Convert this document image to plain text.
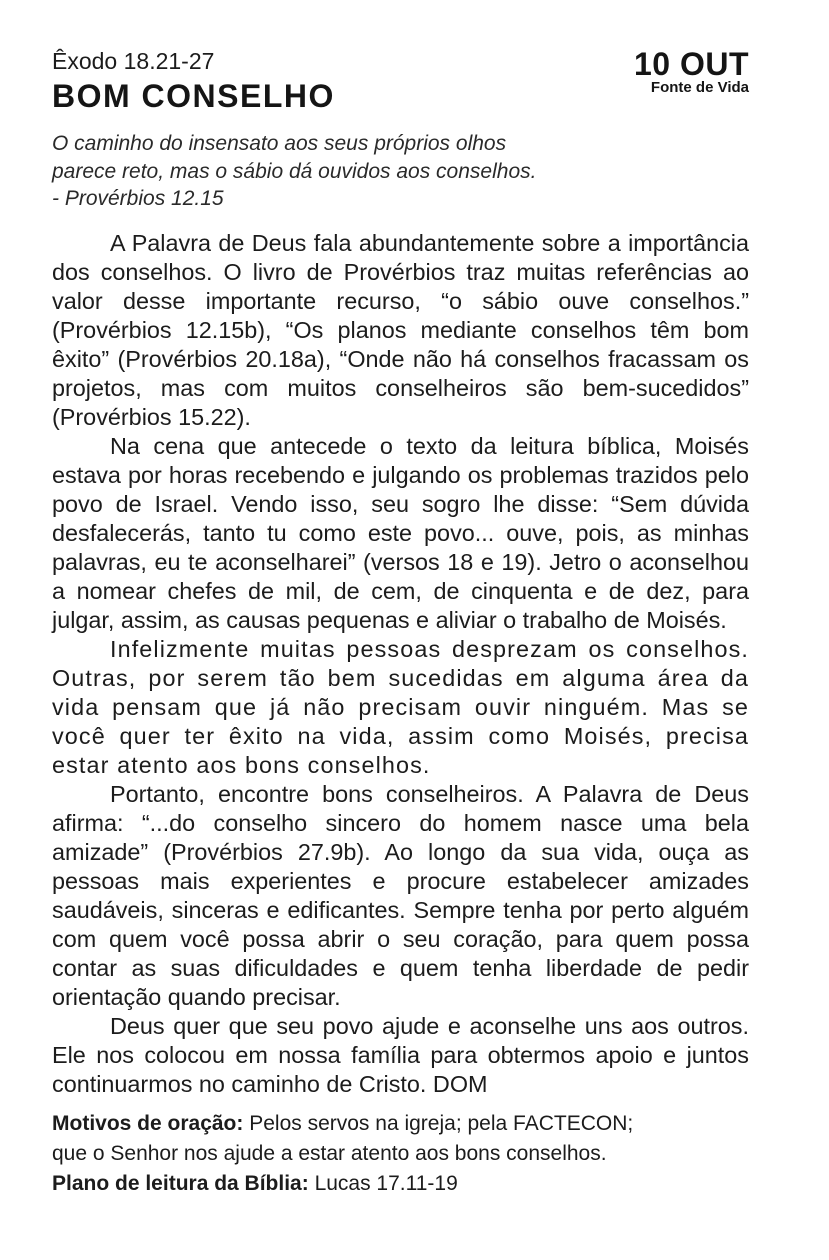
Êxodo 18.21-27
BOM CONSELHO
10 OUT
Fonte de Vida
O caminho do insensato aos seus próprios olhos
parece reto, mas o sábio dá ouvidos aos conselhos.
- Provérbios 12.15

A Palavra de Deus fala abundantemente sobre a importância dos conselhos. O livro de Provérbios traz muitas referências ao valor desse importante recurso, “o sábio ouve conselhos.” (Provérbios 12.15b), “Os planos mediante conselhos têm bom êxito” (Provérbios 20.18a), “Onde não há conselhos fracassam os projetos, mas com muitos conselheiros são bem-sucedidos” (Provérbios 15.22).

Na cena que antecede o texto da leitura bíblica, Moisés estava por horas recebendo e julgando os problemas trazidos pelo povo de Israel. Vendo isso, seu sogro lhe disse: “Sem dúvida desfalecerás, tanto tu como este povo... ouve, pois, as minhas palavras, eu te aconselharei” (versos 18 e 19). Jetro o aconselhou a nomear chefes de mil, de cem, de cinquenta e de dez, para julgar, assim, as causas pequenas e aliviar o trabalho de Moisés.

Infelizmente muitas pessoas desprezam os conselhos. Outras, por serem tão bem sucedidas em alguma área da vida pensam que já não precisam ouvir ninguém. Mas se você quer ter êxito na vida, assim como Moisés, precisa estar atento aos bons conselhos.

Portanto, encontre bons conselheiros. A Palavra de Deus afirma: “...do conselho sincero do homem nasce uma bela amizade” (Provérbios 27.9b). Ao longo da sua vida, ouça as pessoas mais experientes e procure estabelecer amizades saudáveis, sinceras e edificantes. Sempre tenha por perto alguém com quem você possa abrir o seu coração, para quem possa contar as suas dificuldades e quem tenha liberdade de pedir orientação quando precisar.

Deus quer que seu povo ajude e aconselhe uns aos outros. Ele nos colocou em nossa família para obtermos apoio e juntos continuarmos no caminho de Cristo. DOM

Motivos de oração: Pelos servos na igreja; pela FACTECON;
que o Senhor nos ajude a estar atento aos bons conselhos.
Plano de leitura da Bíblia: Lucas 17.11-19
